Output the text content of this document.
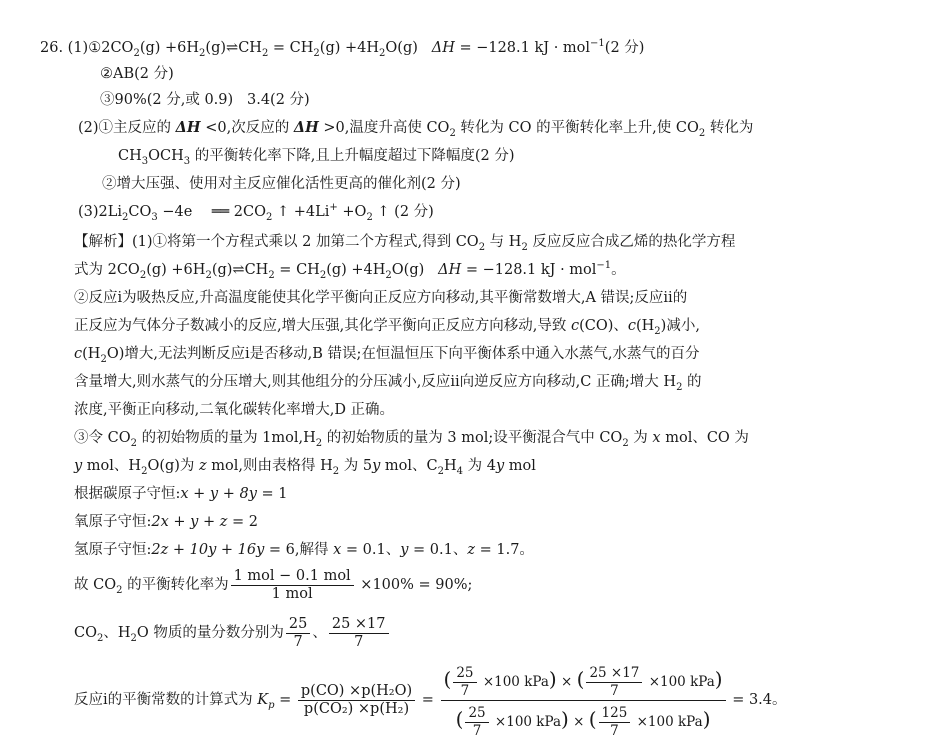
26. $(1)①2CO_2(g)$ $+6H_2(g)\rightleftharpoons CH_2 = CH_2(g) +4H_2O(g) \Delta H = -128.1$ kJ · mol$^{-1}$(2 分)
②AB(2 分)
③90%(2 分,或 0.9) 3.4(2 分)
(2)①主反应的 ΔH <0,次反应的 ΔH >0,温度升高使 $CO_2$ 转化为 CO 的平衡转化率上升,使 $CO_2$ 转化为
$CH_3OCH_3$ 的平衡转化率下降,且上升幅度超过下降幅度(2 分)
②增大压强、使用对主反应催化活性更高的催化剂(2 分)
$(3)2Li_2CO_3 -4e$ ══ $2CO_2$ ↑ $+4Li^+ +O_2$ ↑ (2 分)
【解析】(1)①将第一个方程式乘以 2 加第二个方程式,得到 $CO_2$ 与 $H_2$ 反应反应合成乙烯的热化学方程
式为 $2CO_2(g)$ $+6H_2(g)\rightleftharpoons CH_2 = CH_2(g) +4H_2O(g) \Delta H = -128.1$ kJ · mol$^{-1}$。
②反应ⅰ为吸热反应,升高温度能使其化学平衡向正反应方向移动,其平衡常数增大,A 错误;反应ⅱ的
正反应为气体分子数减小的反应,增大压强,其化学平衡向正反应方向移动,导致 c(CO)、$c(H_2)$减小,
$c(H_2O)$增大,无法判断反应ⅰ是否移动,B 错误;在恒温恒压下向平衡体系中通入水蒸气,水蒸气的百分
含量增大,则水蒸气的分压增大,则其他组分的分压减小,反应ⅱ向逆反应方向移动,C 正确;增大 $H_2$ 的
浓度,平衡正向移动,二氧化碳转化率增大,D 正确。
③令 $CO_2$ 的初始物质的量为 $1mol,H_2$ 的初始物质的量为 3 mol;设平衡混合气中 $CO_2$ 为 x mol、CO 为
y mol、$H_2O(g)$为 z mol,则由表格得 $H_2$ 为 5y mol、$C_2H_4$ 为 4y mol
根据碳原子守恒:x + y + 8y = 1
氧原子守恒:2x + y + z = 2
氢原子守恒:2z + 10y + 16y = 6,解得 x = 0.1、y = 0.1、z = 1.7。
故 $CO_2$ 的平衡转化率为 $\frac{\text{1 mol − 0.1 mol}}{\text{1 mol}} \times 100\% = 90\%$;
$CO_2$、$H_2O$ 物质的量分数分别为 $\frac{25}{7}$ 、 $\frac{25 \times 17}{7}$
反应ⅰ的平衡常数的计算式为 $K_p = \frac{\text{p(CO) ×p(H₂O)}}{\text{p(CO₂) ×p(H₂)}} = \frac{( \frac{25}{7} \times 100 kPa) \times ( \frac{25 \times 17}{7} \times 100 kPa)}{( \frac{25}{7} \times 100 kPa) \times ( \frac{125}{7} \times 100 kPa)} = 3.4$。
